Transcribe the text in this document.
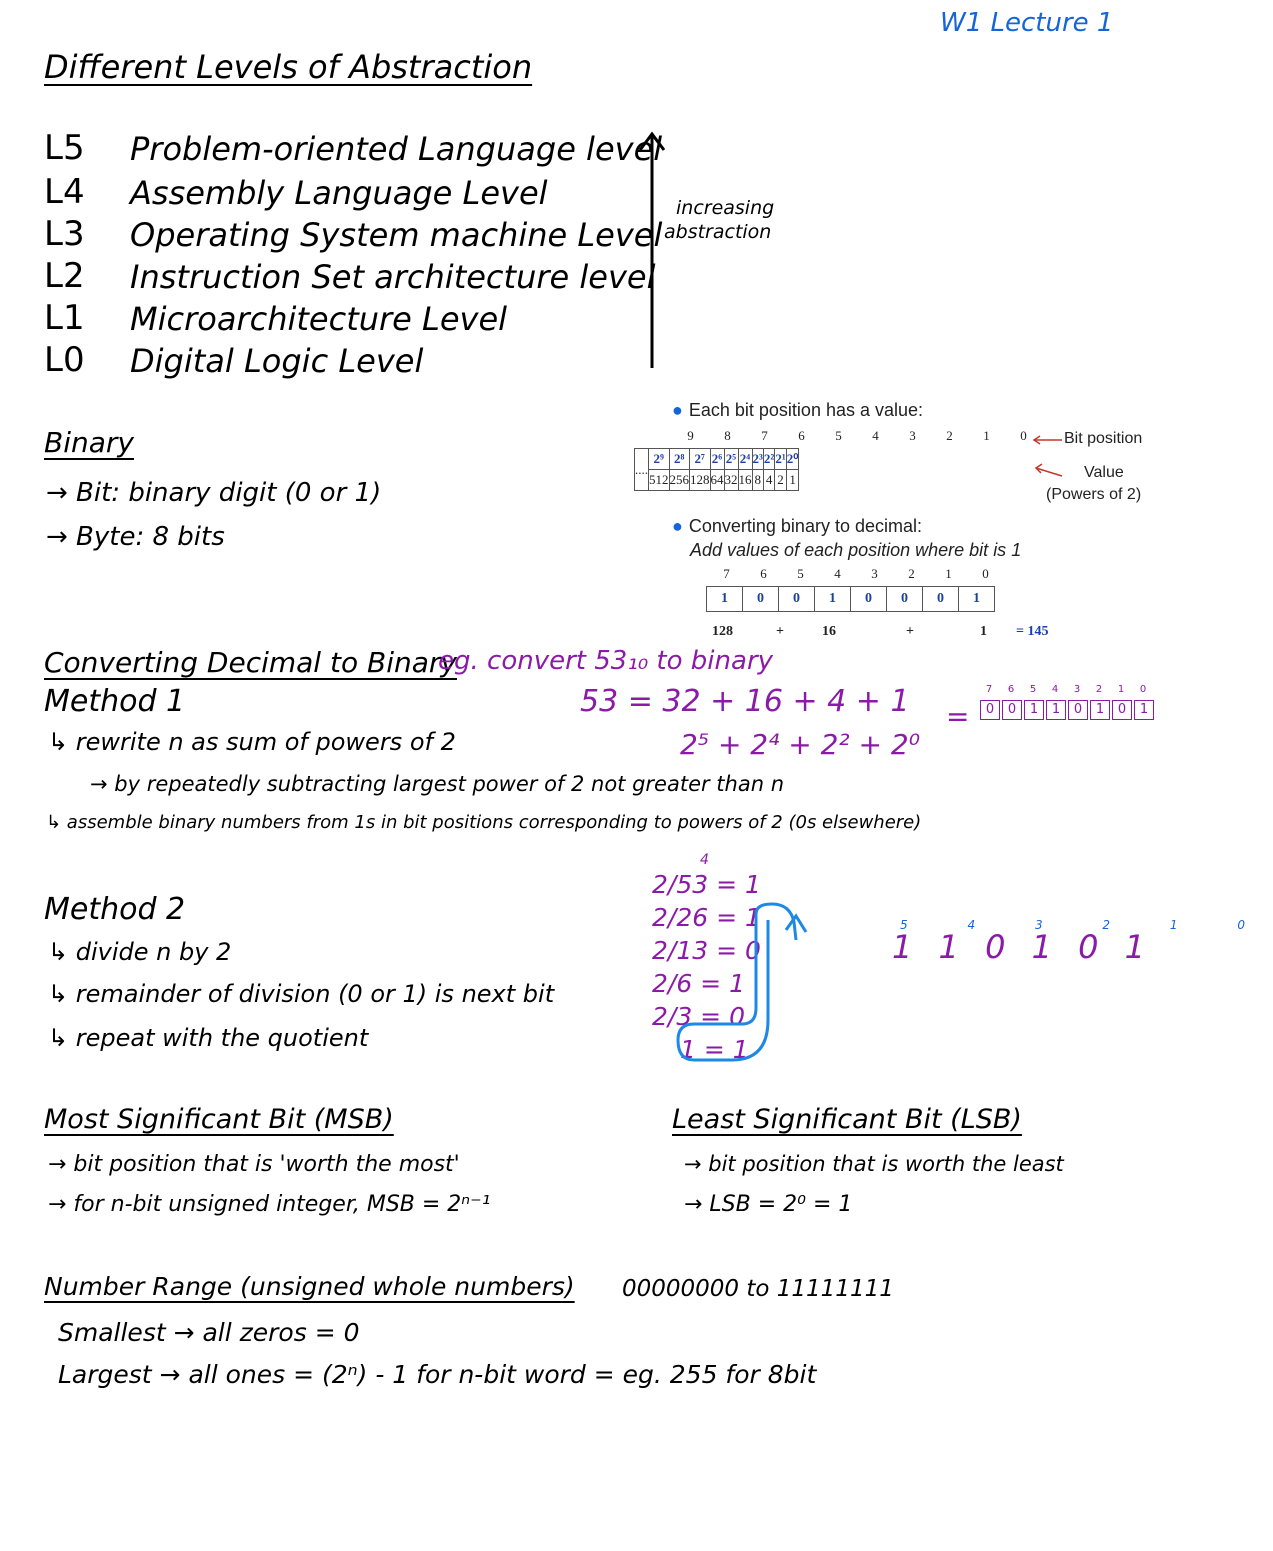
W1 Lecture 1
Different Levels of Abstraction
L5 Problem-oriented Language level
L4 Assembly Language Level
L3 Operating System machine Level
L2 Instruction Set architecture level
L1 Microarchitecture Level
L0 Digital Logic Level
increasing
abstraction
Binary
→ Bit: binary digit (0 or 1)
→ Byte: 8 bits
● Each bit position has a value:
9	8	7	6	5	4	3	2	1	0
....	2⁹	2⁸	2⁷	2⁶	2⁵	2⁴	2³	2²	2¹	2⁰
	512	256	128	64	32	16	8	4	2	1
Bit position
Value
(Powers of 2)
● Converting binary to decimal:
Add values of each position where bit is 1
7	6	5	4	3	2	1	0
1	0	0	1	0	0	0	1
128	+	16	+	1 = 145
Converting Decimal to Binary
eg. convert 53₁₀ to binary
53 = 32 + 16 + 4 + 1
2⁵ + 2⁴ + 2² + 2⁰
=
7	6	5	4	3	2	1	0
0	0	1	1	0	1	0	1
Method 1
↳ rewrite n as sum of powers of 2
→ by repeatedly subtracting largest power of 2 not greater than n
↳ assemble binary numbers from 1s in bit positions corresponding to powers of 2 (0s elsewhere)
Method 2
↳ divide n by 2
↳ remainder of division (0 or 1) is next bit
↳ repeat with the quotient
4
2/53 = 1
2/26 = 1
2/13 = 0
2/6 = 1
2/3 = 0
1 = 1
5	4	3	2	1	0
1 1 0 1 0 1
Most Significant Bit (MSB)
→ bit position that is 'worth the most'
→ for n-bit unsigned integer, MSB = 2ⁿ⁻¹
Least Significant Bit (LSB)
→ bit position that is worth the least
→ LSB = 2⁰ = 1
Number Range (unsigned whole numbers) 00000000 to 11111111
Smallest → all zeros = 0
Largest → all ones = (2ⁿ) - 1 for n-bit word = eg. 255 for 8bit
